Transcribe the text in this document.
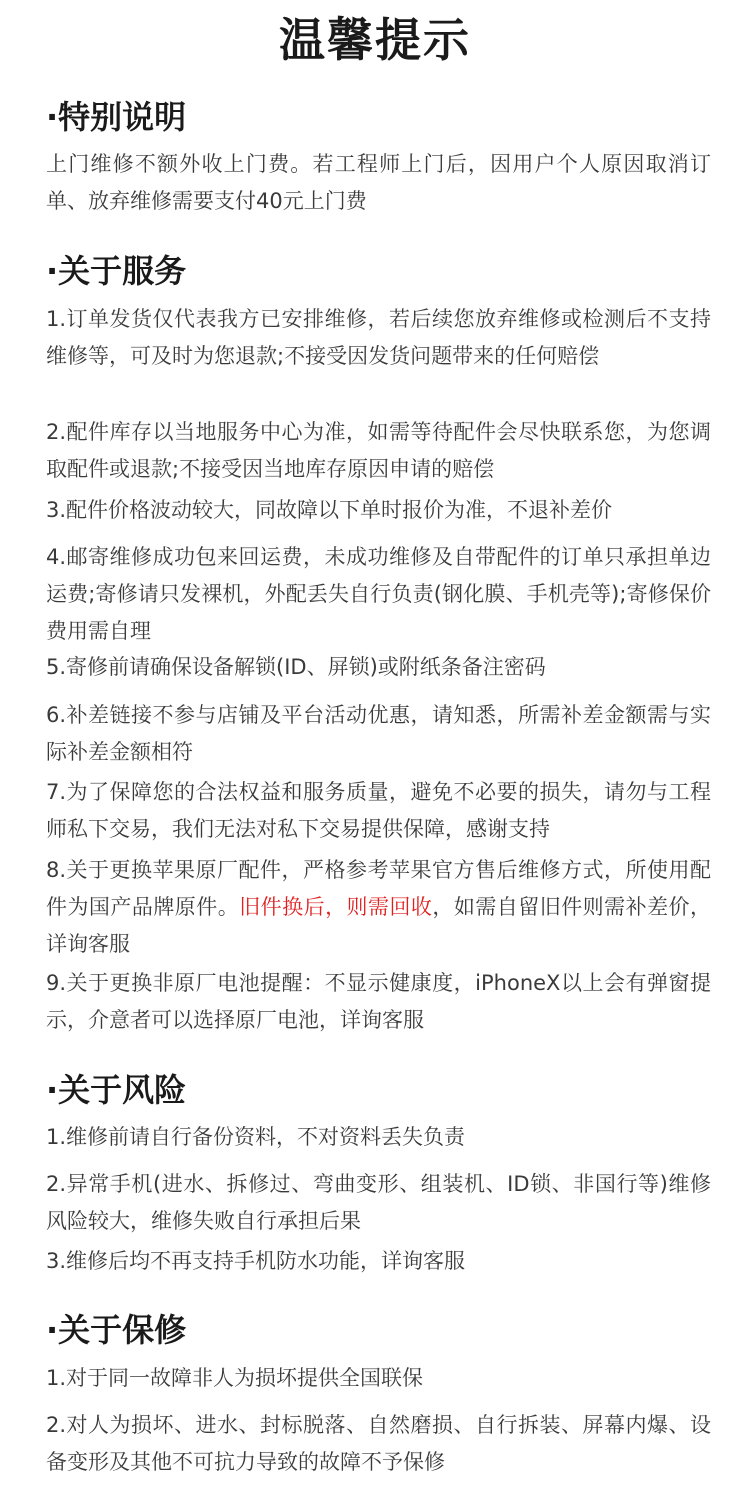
温馨提示
·特别说明

上门维修不额外收上门费。若工程师上门后，因用户个人原因取消订单、放弃维修需要支付40元上门费

·关于服务

1.订单发货仅代表我方已安排维修，若后续您放弃维修或检测后不支持维修等，可及时为您退款;不接受因发货问题带来的任何赔偿

2.配件库存以当地服务中心为准，如需等待配件会尽快联系您，为您调取配件或退款;不接受因当地库存原因申请的赔偿

3.配件价格波动较大，同故障以下单时报价为准，不退补差价

4.邮寄维修成功包来回运费，未成功维修及自带配件的订单只承担单边运费;寄修请只发裸机，外配丢失自行负责(钢化膜、手机壳等);寄修保价费用需自理

5.寄修前请确保设备解锁(ID、屏锁)或附纸条备注密码

6.补差链接不参与店铺及平台活动优惠，请知悉，所需补差金额需与实际补差金额相符

7.为了保障您的合法权益和服务质量，避免不必要的损失，请勿与工程师私下交易，我们无法对私下交易提供保障，感谢支持

8.关于更换苹果原厂配件，严格参考苹果官方售后维修方式，所使用配件为国产品牌原件。旧件换后，则需回收，如需自留旧件则需补差价，详询客服

9.关于更换非原厂电池提醒：不显示健康度，iPhoneX以上会有弹窗提示，介意者可以选择原厂电池，详询客服

·关于风险

1.维修前请自行备份资料，不对资料丢失负责

2.异常手机(进水、拆修过、弯曲变形、组装机、ID锁、非国行等)维修风险较大，维修失败自行承担后果

3.维修后均不再支持手机防水功能，详询客服

·关于保修

1.对于同一故障非人为损坏提供全国联保

2.对人为损坏、进水、封标脱落、自然磨损、自行拆装、屏幕内爆、设备变形及其他不可抗力导致的故障不予保修
